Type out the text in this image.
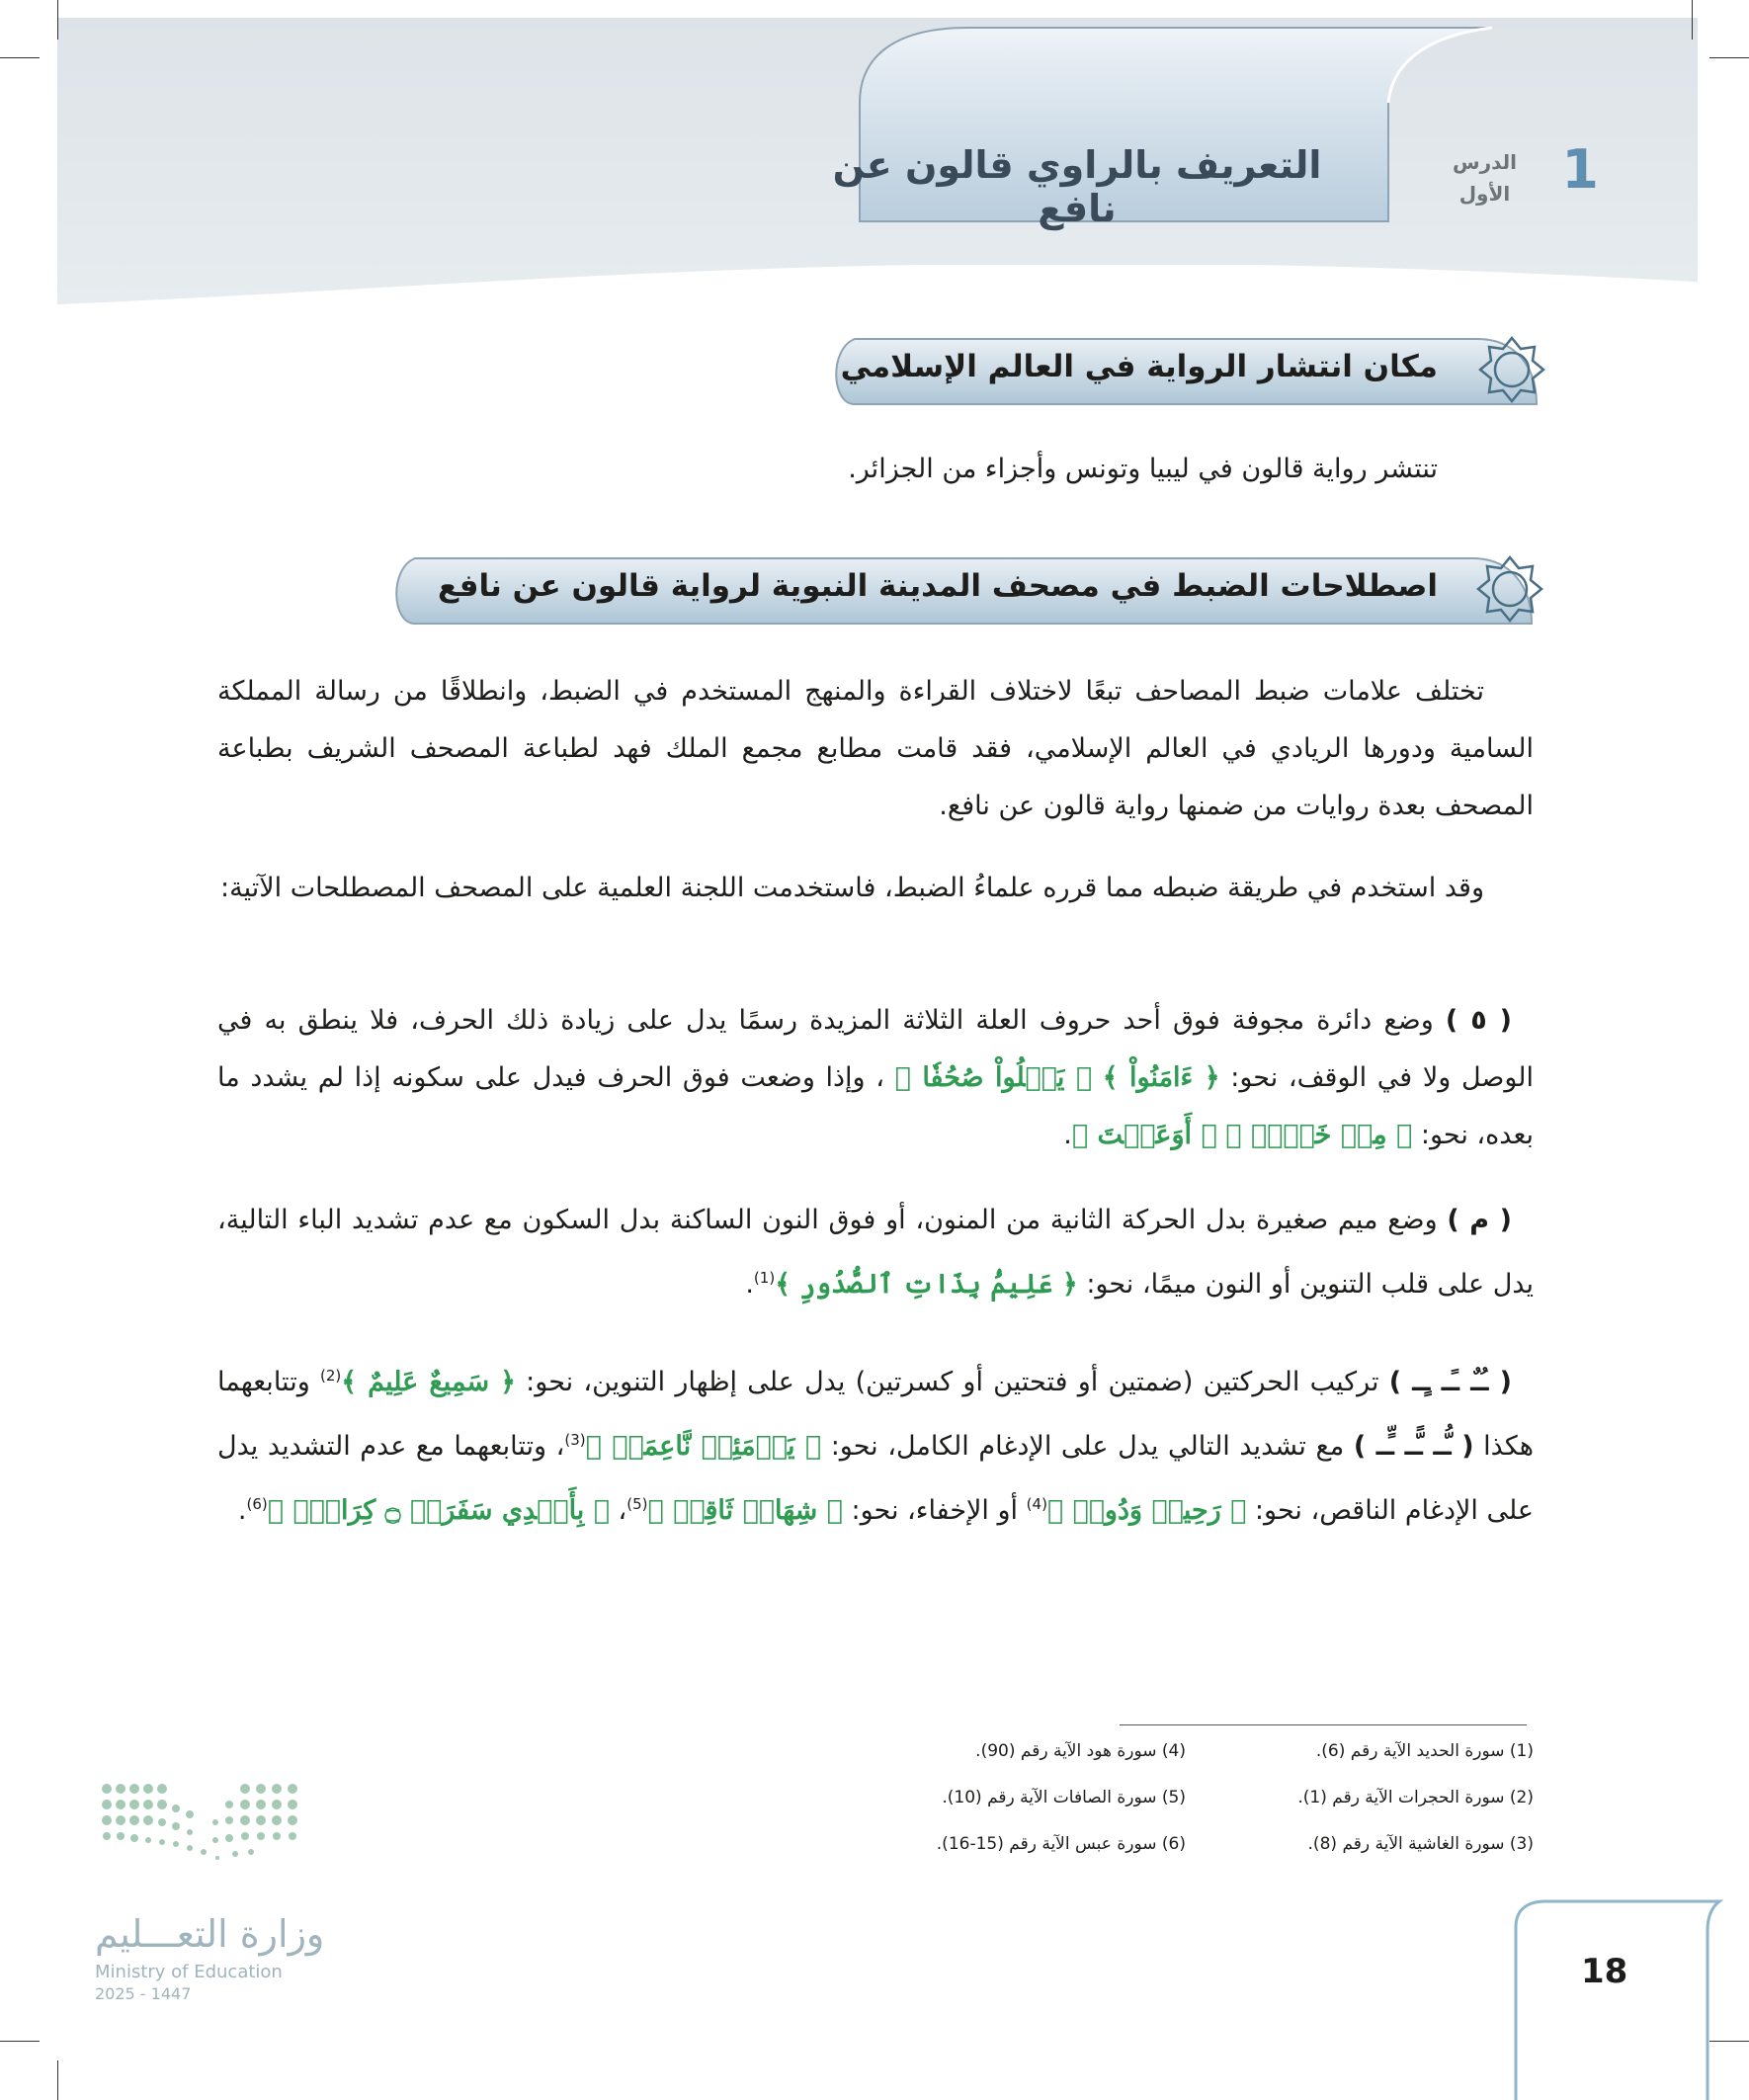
التعريف بالراوي قالون عن نافع
الدرس
الأول 1
مكان انتشار الرواية في العالم الإسلامي
تنتشر رواية قالون في ليبيا وتونس وأجزاء من الجزائر.
اصطلاحات الضبط في مصحف المدينة النبوية لرواية قالون عن نافع
تختلف علامات ضبط المصاحف تبعًا لاختلاف القراءة والمنهج المستخدم في الضبط، وانطلاقًا من رسالة المملكة السامية ودورها الريادي في العالم الإسلامي، فقد قامت مطابع مجمع الملك فهد لطباعة المصحف الشريف بطباعة المصحف بعدة روايات من ضمنها رواية قالون عن نافع.
وقد استخدم في طريقة ضبطه مما قرره علماءُ الضبط، فاستخدمت اللجنة العلمية على المصحف المصطلحات الآتية:
( ٥ ) وضع دائرة مجوفة فوق أحد حروف العلة الثلاثة المزيدة رسمًا يدل على زيادة ذلك الحرف، فلا ينطق به في الوصل ولا في الوقف، نحو: ﴿ ءَامَنُواْ ﴾ ﴿ يَتۡلُواْ صُحُفٗا ﴾ ، وإذا وضعت فوق الحرف فيدل على سكونه إذا لم يشدد ما بعده، نحو: ﴿ مِنۡ خَيۡرٖ ﴾ ﴿ أَوَعَظۡتَ ﴾.
( م ) وضع ميم صغيرة بدل الحركة الثانية من المنون، أو فوق النون الساكنة بدل السكون مع عدم تشديد الباء التالية، يدل على قلب التنوين أو النون ميمًا، نحو: ﴿ عَلِيمُۢ بِذَاتِ ٱلصُّدُورِ ﴾$^{(1)}$.
( ـُـٌ ـًـ ـٍـ ) تركيب الحركتين (ضمتين أو فتحتين أو كسرتين) يدل على إظهار التنوين، نحو: ﴿ سَمِيعٌ عَلِيمٌ ﴾$^{(2)}$ وتتابعهما هكذا ( ـُّـ ـًّـ ـٍّـ ) مع تشديد التالي يدل على الإدغام الكامل، نحو: ﴿ يَوۡمَئِذٖ نَّاعِمَةٞ ﴾$^{(3)}$، وتتابعهما مع عدم التشديد يدل على الإدغام الناقص، نحو: ﴿ رَحِيمٞ وَدُودٞ ﴾$^{(4)}$ أو الإخفاء، نحو: ﴿ شِهَابٞ ثَاقِبٞ ﴾$^{(5)}$، ﴿ بِأَيۡدِي سَفَرَةٖ ۝ كِرَامِۭ ﴾$^{(6)}$.
(1) سورة الحديد الآية رقم (6).
(2) سورة الحجرات الآية رقم (1).
(3) سورة الغاشية الآية رقم (8).
(4) سورة هود الآية رقم (90).
(5) سورة الصافات الآية رقم (10).
(6) سورة عبس الآية رقم (15-16).
وزارة التعـــليم
Ministry of Education
2025 - 1447
18
